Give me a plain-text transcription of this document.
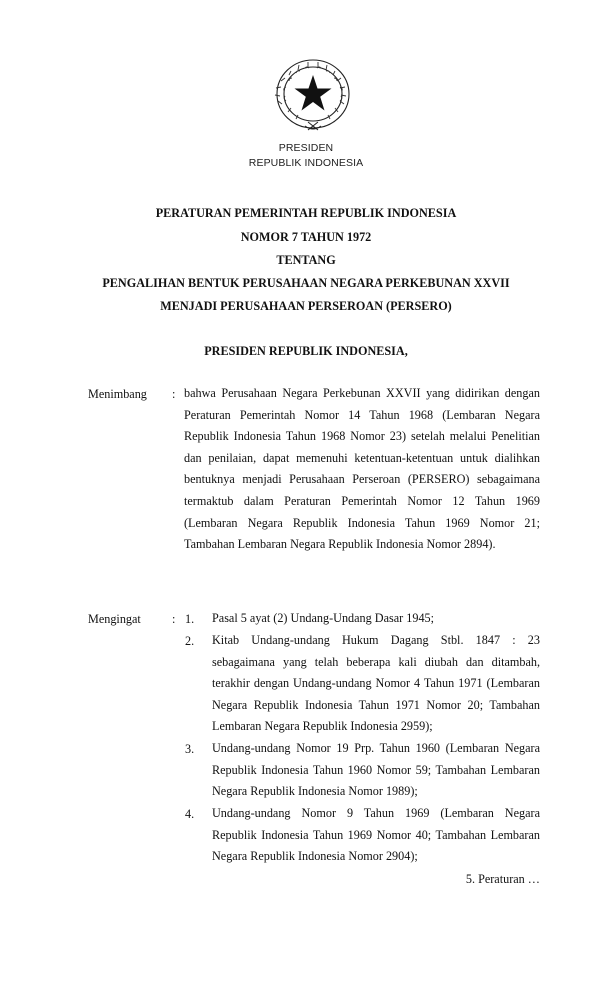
PRESIDEN
REPUBLIK INDONESIA
PERATURAN PEMERINTAH REPUBLIK INDONESIA
NOMOR 7 TAHUN 1972
TENTANG
PENGALIHAN BENTUK PERUSAHAAN NEGARA PERKEBUNAN XXVII
MENJADI PERUSAHAAN PERSEROAN (PERSERO)
PRESIDEN REPUBLIK INDONESIA,
Menimbang : bahwa Perusahaan Negara Perkebunan XXVII yang didirikan dengan Peraturan Pemerintah Nomor 14 Tahun 1968 (Lembaran Negara Republik Indonesia Tahun 1968 Nomor 23) setelah melalui Penelitian dan penilaian, dapat memenuhi ketentuan-ketentuan untuk dialihkan bentuknya menjadi Perusahaan Perseroan (PERSERO) sebagaimana termaktub dalam Peraturan Pemerintah Nomor 12 Tahun 1969 (Lembaran Negara Republik Indonesia Tahun 1969 Nomor 21; Tambahan Lembaran Negara Republik Indonesia Nomor 2894).
Mengingat	: 1. Pasal 5 ayat (2) Undang-Undang Dasar 1945;
2. Kitab Undang-undang Hukum Dagang Stbl. 1847 : 23 sebagaimana yang telah beberapa kali diubah dan ditambah, terakhir dengan Undang-undang Nomor 4 Tahun 1971 (Lembaran Negara Republik Indonesia Tahun 1971 Nomor 20; Tambahan Lembaran Negara Republik Indonesia 2959);
3. Undang-undang Nomor 19 Prp. Tahun 1960 (Lembaran Negara Republik Indonesia Tahun 1960 Nomor 59; Tambahan Lembaran Negara Republik Indonesia Nomor 1989);
4. Undang-undang Nomor 9 Tahun 1969 (Lembaran Negara Republik Indonesia Tahun 1969 Nomor 40; Tambahan Lembaran Negara Republik Indonesia Nomor 2904);
5. Peraturan …
